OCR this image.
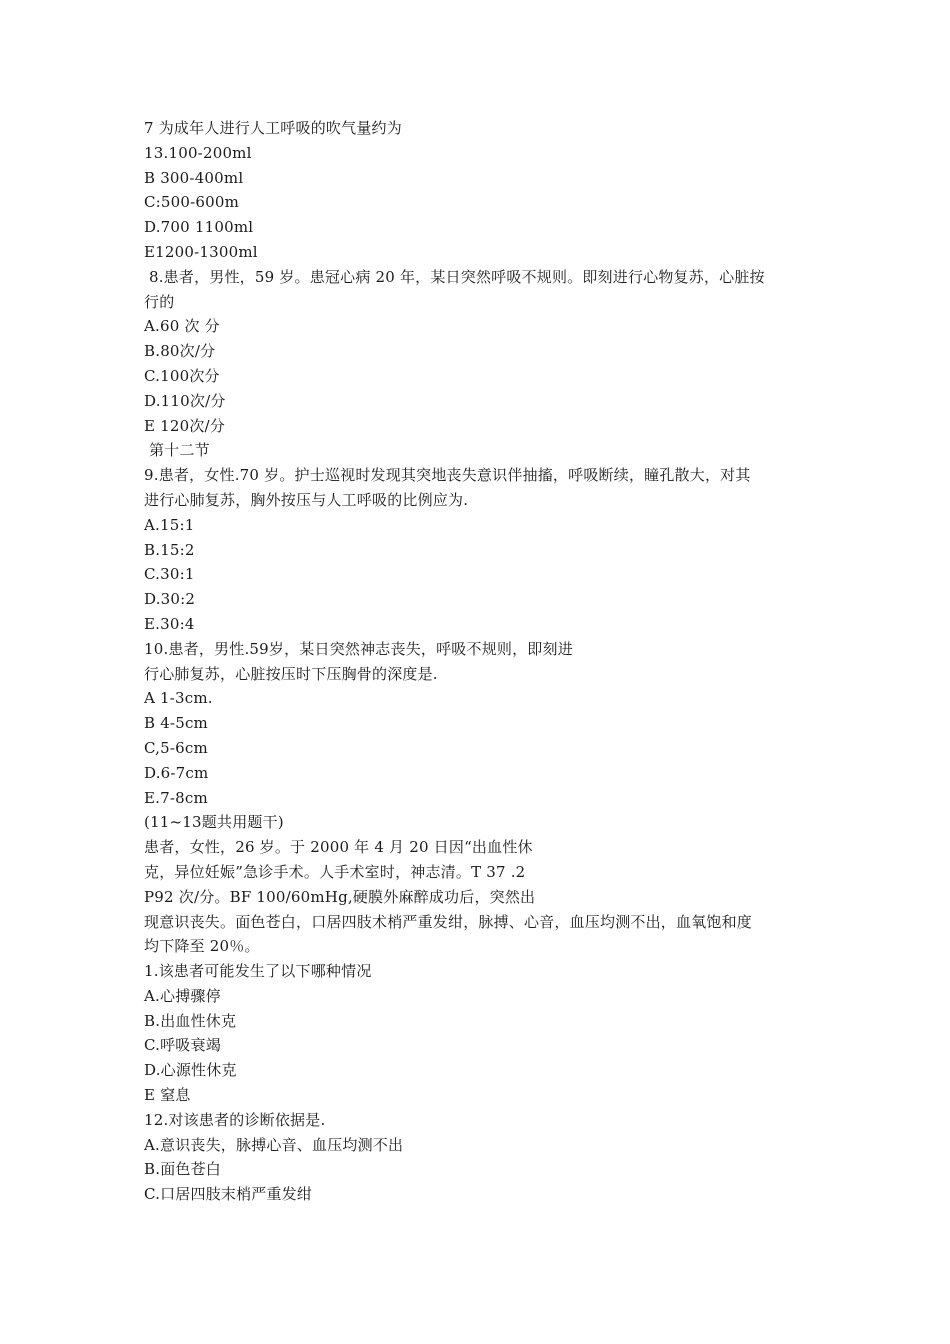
7 为成年人进行人工呼吸的吹气量约为
13.100-200ml
B 300-400ml
C:500-600m
D.700 1100ml
E1200-1300ml
8.患者，男性，59 岁。患冠心病 20 年，某日突然呼吸不规则。即刻进行心物复苏，心脏按
行的
A.60 次 分
B.80次/分
C.100次分
D.110次/分
E 120次/分
第十二节
9.患者，女性.70 岁。护士巡视时发现其突地丧失意识伴抽搐，呼吸断续，瞳孔散大，对其
进行心肺复苏，胸外按压与人工呼吸的比例应为.
A.15:1
B.15:2
C.30:1
D.30:2
E.30:4
10.患者，男性.59岁，某日突然神志丧失，呼吸不规则，即刻进
行心肺复苏，心脏按压时下压胸骨的深度是.
A 1-3cm.
B 4-5cm
C,5-6cm
D.6-7cm
E.7-8cm
(11~13题共用题干)
患者，女性，26 岁。于 2000 年 4 月 20 日因“出血性休
克，异位妊娠”急诊手术。人手术室时，神志清。T 37 .2
P92 次/分。BF 100/60mHg,硬膜外麻醉成功后，突然出
现意识丧失。面色苍白，口居四肢术梢严重发绀，脉搏、心音，血压均测不出，血氧饱和度
均下降至 20％。
1.该患者可能发生了以下哪种情况
A.心搏骤停
B.出血性休克
C.呼吸衰竭
D.心源性休克
E 窒息
12.对该患者的诊断依据是.
A.意识丧失，脉搏心音、血压均测不出
B.面色苍白
C.口居四肢末梢严重发绀
